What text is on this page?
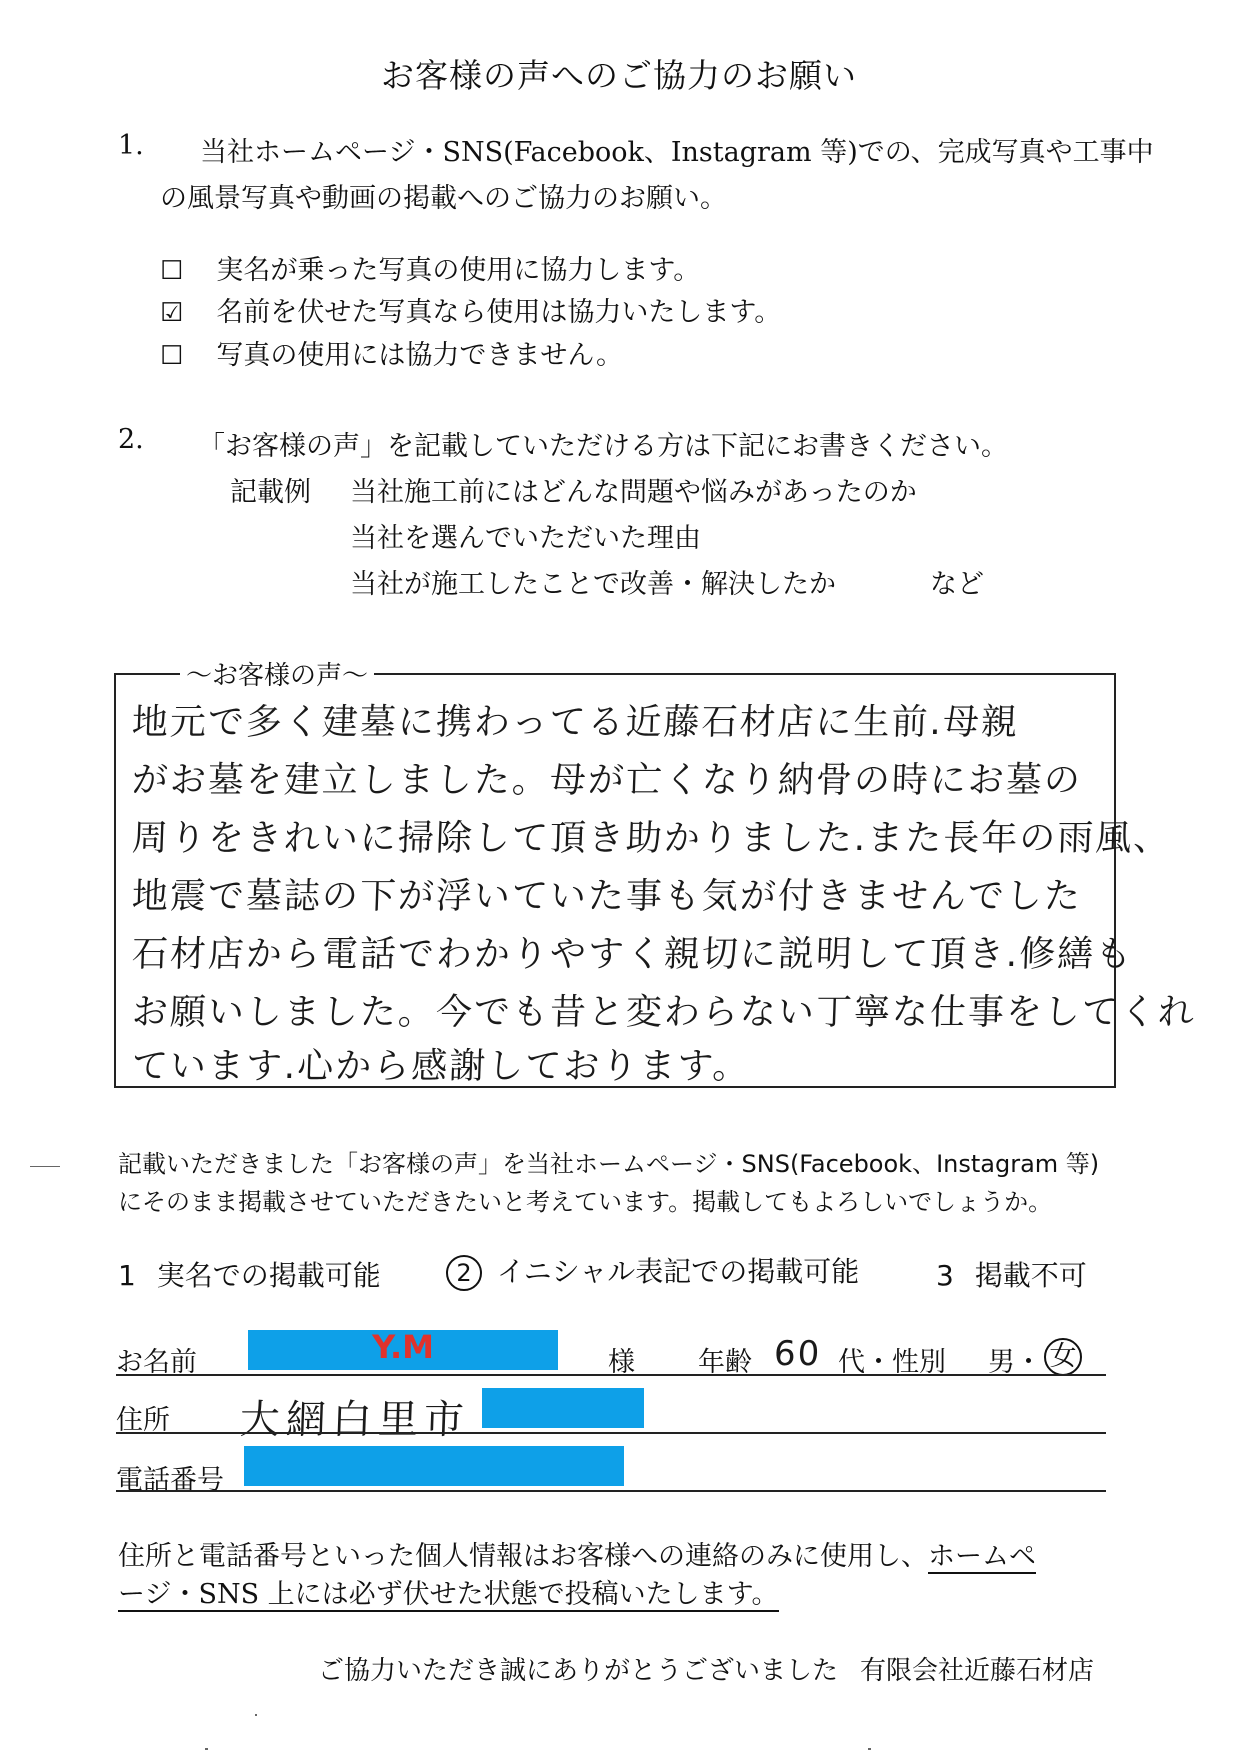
お客様の声へのご協力のお願い
1. 当社ホームページ・SNS(Facebook、Instagram 等)での、完成写真や工事中
の風景写真や動画の掲載へのご協力のお願い。
☐ 実名が乗った写真の使用に協力します。
☑ 名前を伏せた写真なら使用は協力いたします。
☐ 写真の使用には協力できません。
2. 「お客様の声」を記載していただける方は下記にお書きください。
記載例 当社施工前にはどんな問題や悩みがあったのか
当社を選んでいただいた理由
当社が施工したことで改善・解決したか	など
～お客様の声～
地元で多く建墓に携わってる近藤石材店に生前.母親
がお墓を建立しました。母が亡くなり納骨の時にお墓の
周りをきれいに掃除して頂き助かりました.また長年の雨風、
地震で墓誌の下が浮いていた事も気が付きませんでした
石材店から電話でわかりやすく親切に説明して頂き.修繕も
お願いしました。今でも昔と変わらない丁寧な仕事をしてくれ
ています.心から感謝しております。
記載いただきました「お客様の声」を当社ホームページ・SNS(Facebook、Instagram 等)
にそのまま掲載させていただきたいと考えています。掲載してもよろしいでしょうか。
1 実名での掲載可能	2 イニシャル表記での掲載可能	3 掲載不可
お名前	Y.M	様 年齢 60 代・性別 男・ 女
住所 大網白里市
電話番号
住所と電話番号といった個人情報はお客様への連絡のみに使用し、ホームペ
ージ・SNS 上には必ず伏せた状態で投稿いたします。
ご協力いただき誠にありがとうございました 有限会社近藤石材店
